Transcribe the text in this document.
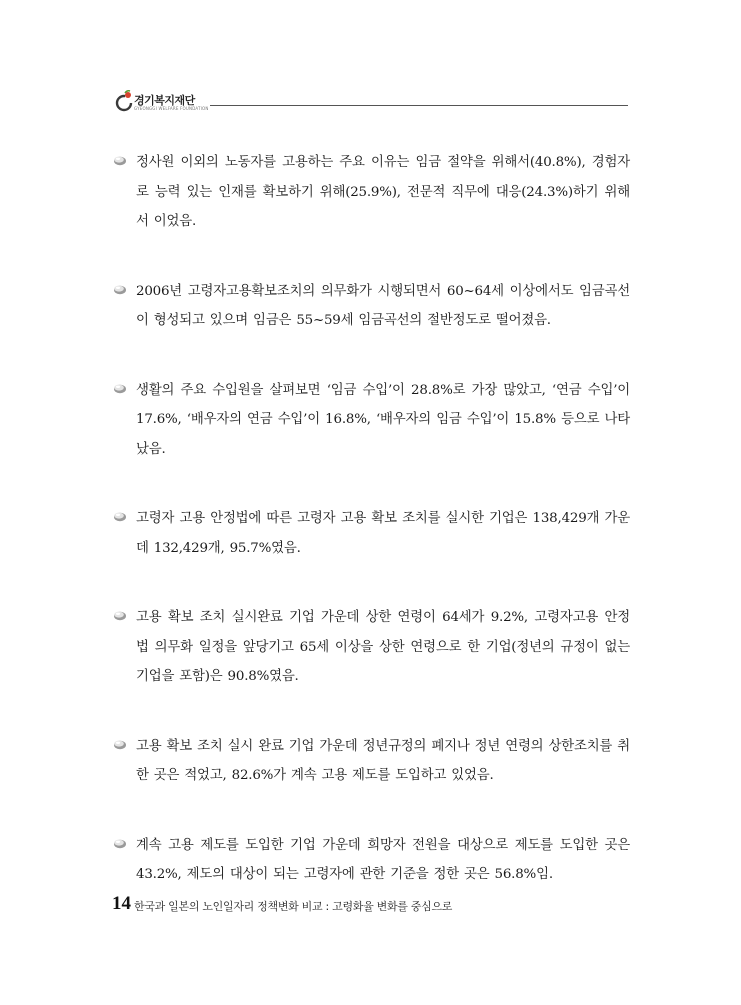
경기복지재단
GYEONGGI WELFARE FOUNDATION
정사원 이외의 노동자를 고용하는 주요 이유는 임금 절약을 위해서(40.8%), 경험자로 능력 있는 인재를 확보하기 위해(25.9%), 전문적 직무에 대응(24.3%)하기 위해서 이었음.
2006년 고령자고용확보조치의 의무화가 시행되면서 60~64세 이상에서도 임금곡선이 형성되고 있으며 임금은 55~59세 임금곡선의 절반정도로 떨어졌음.
생활의 주요 수입원을 살펴보면 ‘임금 수입’이 28.8%로 가장 많았고, ‘연금 수입’이 17.6%, ‘배우자의 연금 수입’이 16.8%, ‘배우자의 임금 수입’이 15.8% 등으로 나타났음.
고령자 고용 안정법에 따른 고령자 고용 확보 조치를 실시한 기업은 138,429개 가운데 132,429개, 95.7%였음.
고용 확보 조치 실시완료 기업 가운데 상한 연령이 64세가 9.2%, 고령자고용 안정 법 의무화 일정을 앞당기고 65세 이상을 상한 연령으로 한 기업(정년의 규정이 없는 기업을 포함)은 90.8%였음.
고용 확보 조치 실시 완료 기업 가운데 정년규정의 폐지나 정년 연령의 상한조치를 취한 곳은 적었고, 82.6%가 계속 고용 제도를 도입하고 있었음.
계속 고용 제도를 도입한 기업 가운데 희망자 전원을 대상으로 제도를 도입한 곳은 43.2%, 제도의 대상이 되는 고령자에 관한 기준을 정한 곳은 56.8%임.
14 한국과 일본의 노인일자리 정책변화 비교 : 고령화율 변화를 중심으로
